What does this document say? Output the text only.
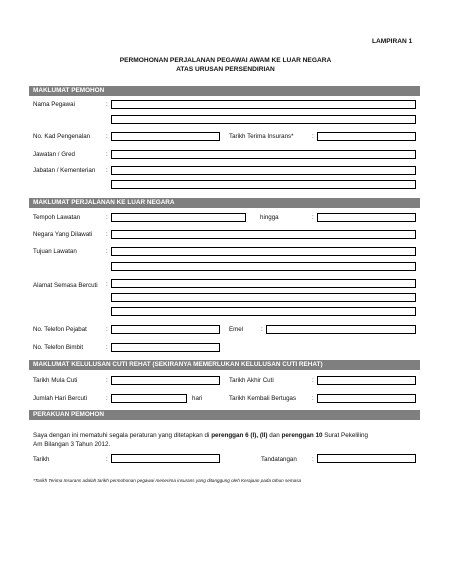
LAMPIRAN 1
PERMOHONAN PERJALANAN PEGAWAI AWAM KE LUAR NEGARA
ATAS URUSAN PERSENDIRIAN
MAKLUMAT PEMOHON
Nama Pegawai	:
No. Kad Pengenalan	:	Tarikh Terima Insurans*	:
Jawatan / Gred	:
Jabatan / Kementerian :
MAKLUMAT PERJALANAN KE LUAR NEGARA
Tempoh Lawatan	:	hingga	:
Negara Yang Dilawati :
Tujuan Lawatan	:
Alamat Semasa Bercuti	:
No. Telefon Pejabat	:	Emel	:
No. Telefon Bimbit	:
MAKLUMAT KELULUSAN CUTI REHAT (SEKIRANYA MEMERLUKAN KELULUSAN CUTI REHAT)
Tarikh Mula Cuti	:	Tarikh Akhir Cuti	:
Jumlah Hari Bercuti	:	hari	Tarikh Kembali Bertugas	:
PERAKUAN PEMOHON
Saya dengan ini mematuhi segala peraturan yang ditetapkan di perenggan 6 (I), (II) dan perenggan 10 Surat Pekeliling
Am Bilangan 3 Tahun 2012.
Tarikh	:	Tandatangan :
*Tarikh Terima Insurans adalah tarikh permohonan pegawai menerima insurans yang ditanggung oleh Kerajaan pada tahun semasa
